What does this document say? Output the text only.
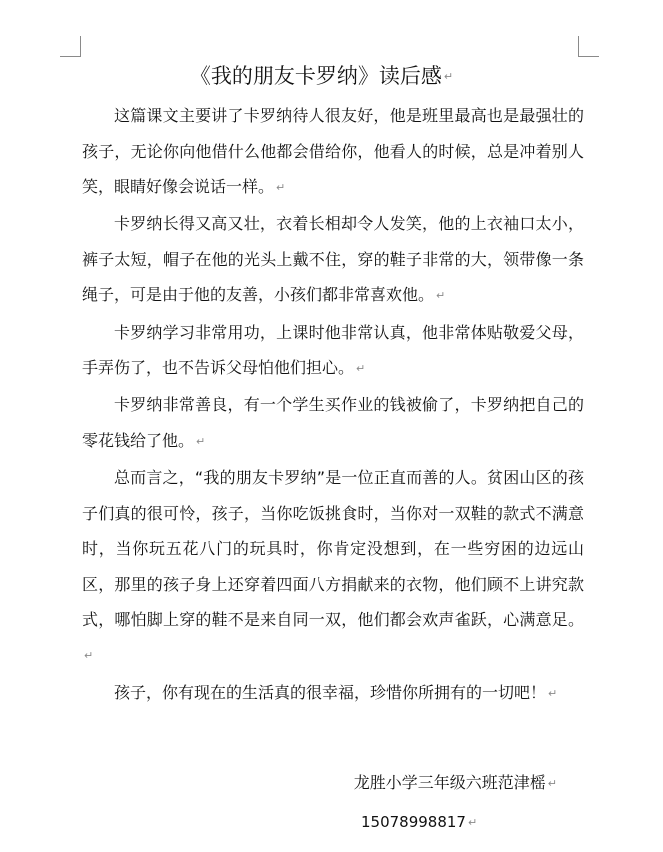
《我的朋友卡罗纳》读后感 ↵

这篇课文主要讲了卡罗纳待人很友好，他是班里最高也是最强壮的孩子，无论你向他借什么他都会借给你，他看人的时候，总是冲着别人笑，眼睛好像会说话一样。 ↵

卡罗纳长得又高又壮，衣着长相却令人发笑，他的上衣袖口太小，裤子太短，帽子在他的光头上戴不住，穿的鞋子非常的大，领带像一条绳子，可是由于他的友善，小孩们都非常喜欢他。 ↵

卡罗纳学习非常用功，上课时他非常认真，他非常体贴敬爱父母，手弄伤了，也不告诉父母怕他们担心。 ↵

卡罗纳非常善良，有一个学生买作业的钱被偷了，卡罗纳把自己的零花钱给了他。 ↵

总而言之，“我的朋友卡罗纳”是一位正直而善的人。贫困山区的孩子们真的很可怜，孩子，当你吃饭挑食时，当你对一双鞋的款式不满意时，当你玩五花八门的玩具时，你肯定没想到，在一些穷困的边远山区，那里的孩子身上还穿着四面八方捐献来的衣物，他们顾不上讲究款式，哪怕脚上穿的鞋不是来自同一双，他们都会欢声雀跃，心满意足。↵

孩子，你有现在的生活真的很幸福，珍惜你所拥有的一切吧！ ↵

龙胜小学三年级六班范津榣 ↵
15078998817 ↵
